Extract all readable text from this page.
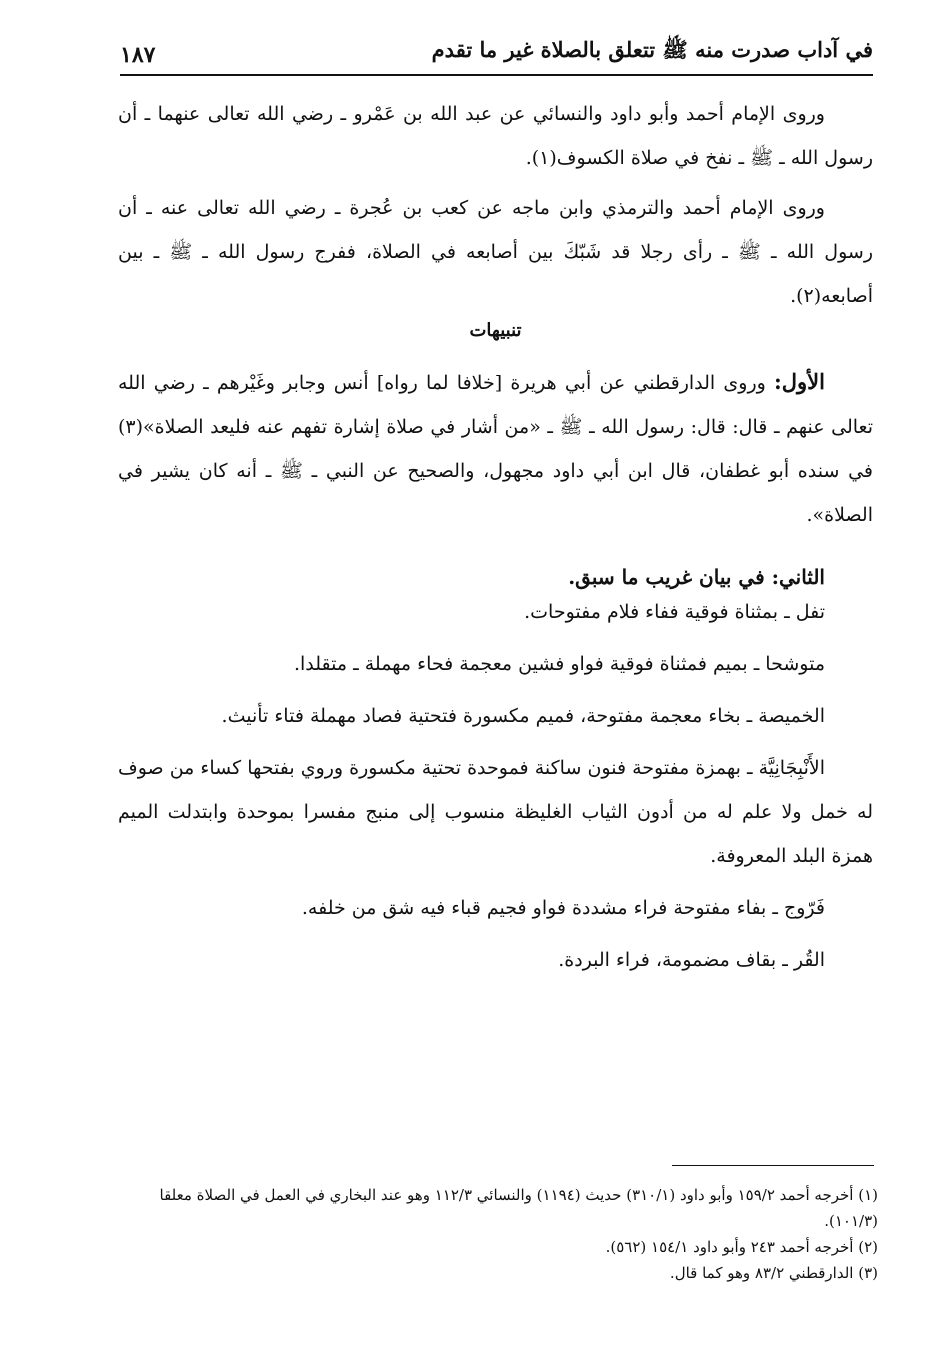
١٨٧	في آداب صدرت منه ﷺ تتعلق بالصلاة غير ما تقدم

وروى الإمام أحمد وأبو داود والنسائي عن عبد الله بن عَمْرو ـ رضي الله تعالى عنهما ـ أن رسول الله ـ ﷺ ـ نفخ في صلاة الكسوف(١).

وروى الإمام أحمد والترمذي وابن ماجه عن كعب بن عُجرة ـ رضي الله تعالى عنه ـ أن رسول الله ـ ﷺ ـ رأى رجلا قد شَبّكَ بين أصابعه في الصلاة، ففرج رسول الله ـ ﷺ ـ بين أصابعه(٢).

تنبيهات

الأول: وروى الدارقطني عن أبي هريرة [خلافا لما رواه] أنس وجابر وغَيْرهم ـ رضي الله تعالى عنهم ـ قال: قال: رسول الله ـ ﷺ ـ «من أشار في صلاة إشارة تفهم عنه فليعد الصلاة»(٣) في سنده أبو غطفان، قال ابن أبي داود مجهول، والصحيح عن النبي ـ ﷺ ـ أنه كان يشير في الصلاة».

الثاني: في بيان غريب ما سبق.

تفل ـ بمثناة فوقية ففاء فلام مفتوحات.

متوشحا ـ بميم فمثناة فوقية فواو فشين معجمة فحاء مهملة ـ متقلدا.

الخميصة ـ بخاء معجمة مفتوحة، فميم مكسورة فتحتية فصاد مهملة فتاء تأنيث.

الأَنْبِجَانِيَّة ـ بهمزة مفتوحة فنون ساكنة فموحدة تحتية مكسورة وروي بفتحها كساء من صوف له خمل ولا علم له من أدون الثياب الغليظة منسوب إلى منبج مفسرا بموحدة وابتدلت الميم همزة البلد المعروفة.

فَرّوج ـ بفاء مفتوحة فراء مشددة فواو فجيم قباء فيه شق من خلفه.

القُر ـ بقاف مضمومة، فراء البردة.

(١) أخرجه أحمد ١٥٩/٢ وأبو داود (٣١٠/١) حديث (١١٩٤) والنسائي ١١٢/٣ وهو عند البخاري في العمل في الصلاة معلقا (١٠١/٣).

(٢) أخرجه أحمد ٢٤٣ وأبو داود ١٥٤/١ (٥٦٢).

(٣) الدارقطني ٨٣/٢ وهو كما قال.
